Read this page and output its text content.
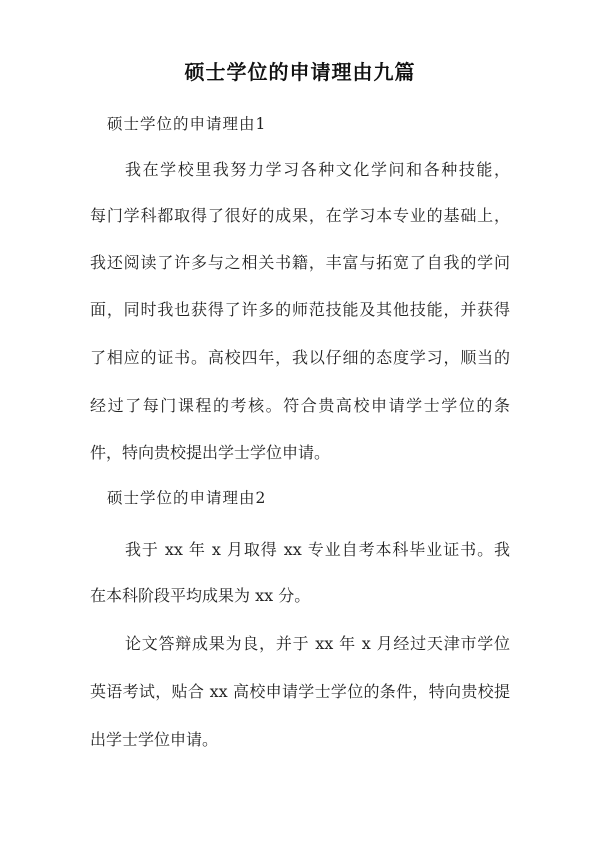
硕士学位的申请理由九篇
硕士学位的申请理由1
我在学校里我努力学习各种文化学问和各种技能，
每门学科都取得了很好的成果，在学习本专业的基础上，
我还阅读了许多与之相关书籍，丰富与拓宽了自我的学问
面，同时我也获得了许多的师范技能及其他技能，并获得
了相应的证书。高校四年，我以仔细的态度学习，顺当的
经过了每门课程的考核。符合贵高校申请学士学位的条
件，特向贵校提出学士学位申请。
硕士学位的申请理由2
我于 xx 年 x 月取得 xx 专业自考本科毕业证书。我
在本科阶段平均成果为 xx 分。
论文答辩成果为良，并于 xx 年 x 月经过天津市学位
英语考试，贴合 xx 高校申请学士学位的条件，特向贵校提
出学士学位申请。
